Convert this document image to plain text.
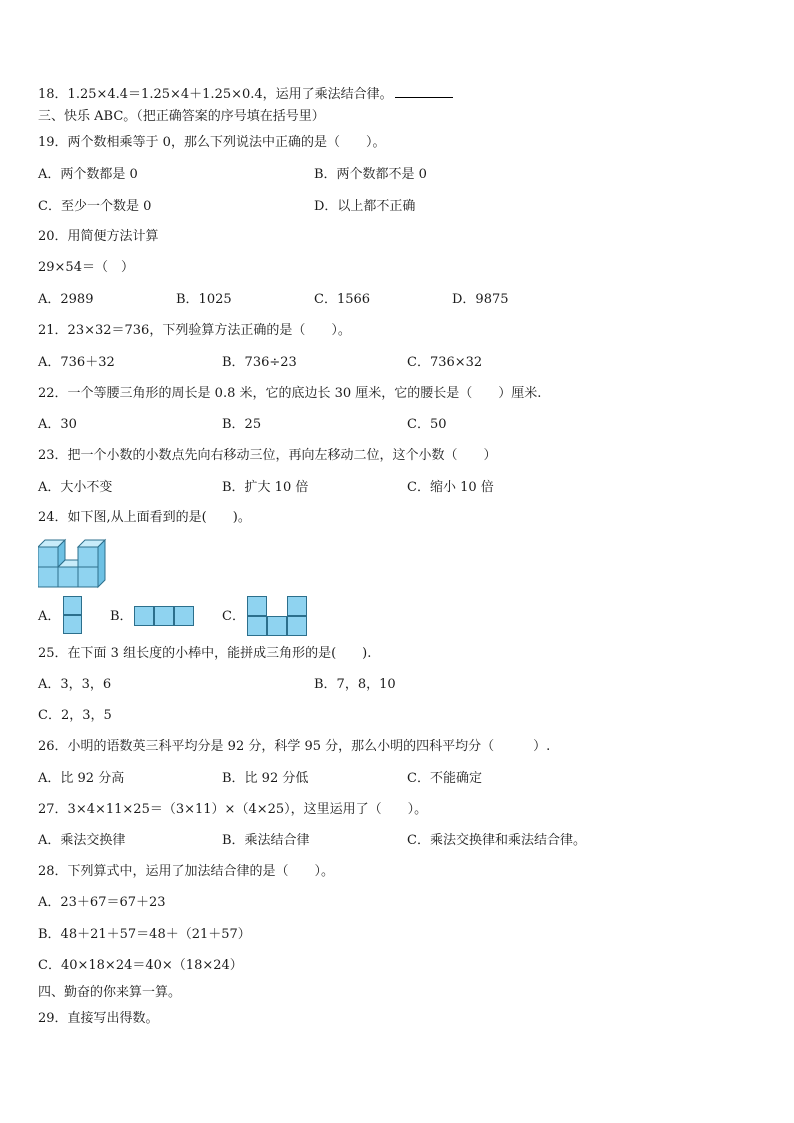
18．1.25×4.4＝1.25×4＋1.25×0.4，运用了乘法结合律。
三、快乐 ABC。（把正确答案的序号填在括号里）
19．两个数相乘等于 0，那么下列说法中正确的是（　　）。
A．两个数都是 0	B．两个数都不是 0
C．至少一个数是 0	D．以上都不正确
20．用简便方法计算
29×54＝（　）
A．2989	B．1025	C．1566	D．9875
21．23×32＝736，下列验算方法正确的是（　　）。
A．736＋32	B．736÷23	C．736×32
22．一个等腰三角形的周长是 0.8 米，它的底边长 30 厘米，它的腰长是（　　）厘米.
A．30	B．25	C．50
23．把一个小数的小数点先向右移动三位，再向左移动二位，这个小数（　　）
A．大小不变	B．扩大 10 倍	C．缩小 10 倍
24．如下图,从上面看到的是(　　)。
A．	B．	C．
25．在下面 3 组长度的小棒中，能拼成三角形的是(　　).
A．3，3，6	B．7，8，10
C．2，3，5
26．小明的语数英三科平均分是 92 分，科学 95 分，那么小明的四科平均分（　　　）.
A．比 92 分高	B．比 92 分低	C．不能确定
27．3×4×11×25＝（3×11）×（4×25），这里运用了（　　）。
A．乘法交换律	B．乘法结合律	C．乘法交换律和乘法结合律。
28．下列算式中，运用了加法结合律的是（　　）。
A．23＋67＝67＋23
B．48＋21＋57＝48＋（21＋57）
C．40×18×24＝40×（18×24）
四、勤奋的你来算一算。
29．直接写出得数。
